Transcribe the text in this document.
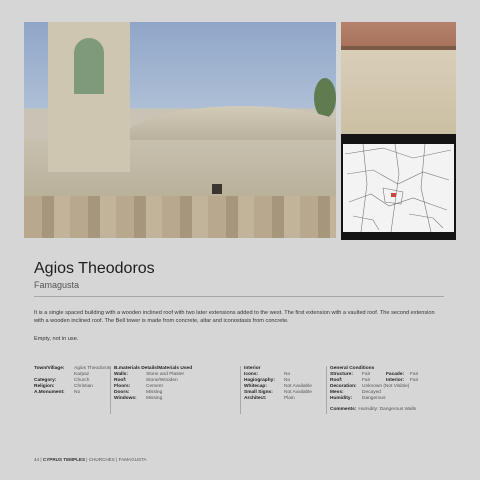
Agios Theodoros
Famagusta
It is a single spaced building with a wooden inclined roof with two later extensions added to the west. The first extension with a vaulted roof. The second extension with a wooden inclined roof. The Bell tower is made from concrete, altar and iconostasis from concrete.
Empty, not in use.
Town/Village:	Agios Theodoros
Karpaz
Category:	Church
Religion:	Christian
A.Monument:	No
B.materials Details/Materials Used
Walls:	Stone and Plaster
Roof:	Stone/Wooden
Floors:	Cement
Doors:	Missing
Windows:	Missing
Interior
Icons:	No
Hagiography:	No
Whitecap:	Not Available
Small Signs:	Not Available
Architect:	Plain
General Conditions
Structure:	Fair	Facade:	Fair
Roof:	Fair	Interior:	Fair
Decoration:	Unknown (Not Visible)
Mess:	Decayed
Humidity:	Dangerous
Comments: Humidity: Dangerous Walls
44 | CYPRUS TEMPLES | CHURCHES | FAMAGUSTA
